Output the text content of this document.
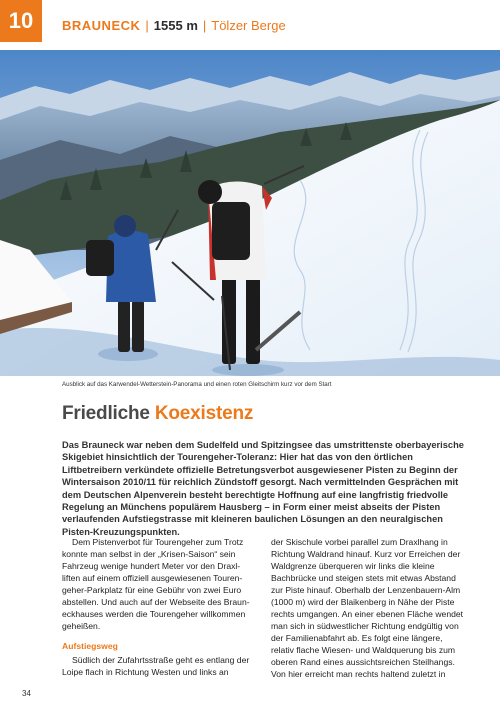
10	BRAUNECK | 1555 m | Tölzer Berge
Ausblick auf das Karwendel-Wetterstein-Panorama und einen roten Gleitschirm kurz vor dem Start
Friedliche Koexistenz

Das Brauneck war neben dem Sudelfeld und Spitzingsee das umstrittenste oberbayerische Skigebiet hinsichtlich der Tourengeher-Toleranz: Hier hat das von den örtlichen Liftbetreibern verkündete offizielle Betretungsverbot ausgewiesener Pisten zu Beginn der Wintersaison 2010/11 für reichlich Zündstoff gesorgt. Nach vermittelnden Gesprächen mit dem Deutschen Alpenverein besteht berechtigte Hoffnung auf eine langfristig friedvolle Regelung an Münchens populärem Hausberg – in Form einer meist abseits der Pisten verlaufenden Aufstiegstrasse mit kleineren baulichen Lösungen an den neuralgischen Pisten-Kreuzungspunkten.

Dem Pistenverbot für Tourengeher zum Trotz konnte man selbst in der „Krisen-Saison“ sein Fahrzeug wenige hundert Meter vor den Draxl-liften auf einem offiziell ausgewiesenen Touren-geher-Parkplatz für eine Gebühr von zwei Euro abstellen. Und auch auf der Webseite des Braun-eckhauses werden die Tourengeher willkommen geheißen.

Aufstiegsweg

Südlich der Zufahrtsstraße geht es entlang der Loipe flach in Richtung Westen und links an

der Skischule vorbei parallel zum Draxlhang in Richtung Waldrand hinauf. Kurz vor Erreichen der Waldgrenze überqueren wir links die kleine Bachbrücke und steigen stets mit etwas Abstand zur Piste hinauf. Oberhalb der Lenzenbauern-Alm (1000 m) wird der Blaikenberg in Nähe der Piste rechts umgangen. An einer ebenen Fläche wendet man sich in südwestlicher Richtung endgültig von der Familienabfahrt ab. Es folgt eine längere, relativ flache Wiesen- und Waldquerung bis zum oberen Rand eines aussichtsreichen Steilhangs. Von hier erreicht man rechts haltend zuletzt in

34
